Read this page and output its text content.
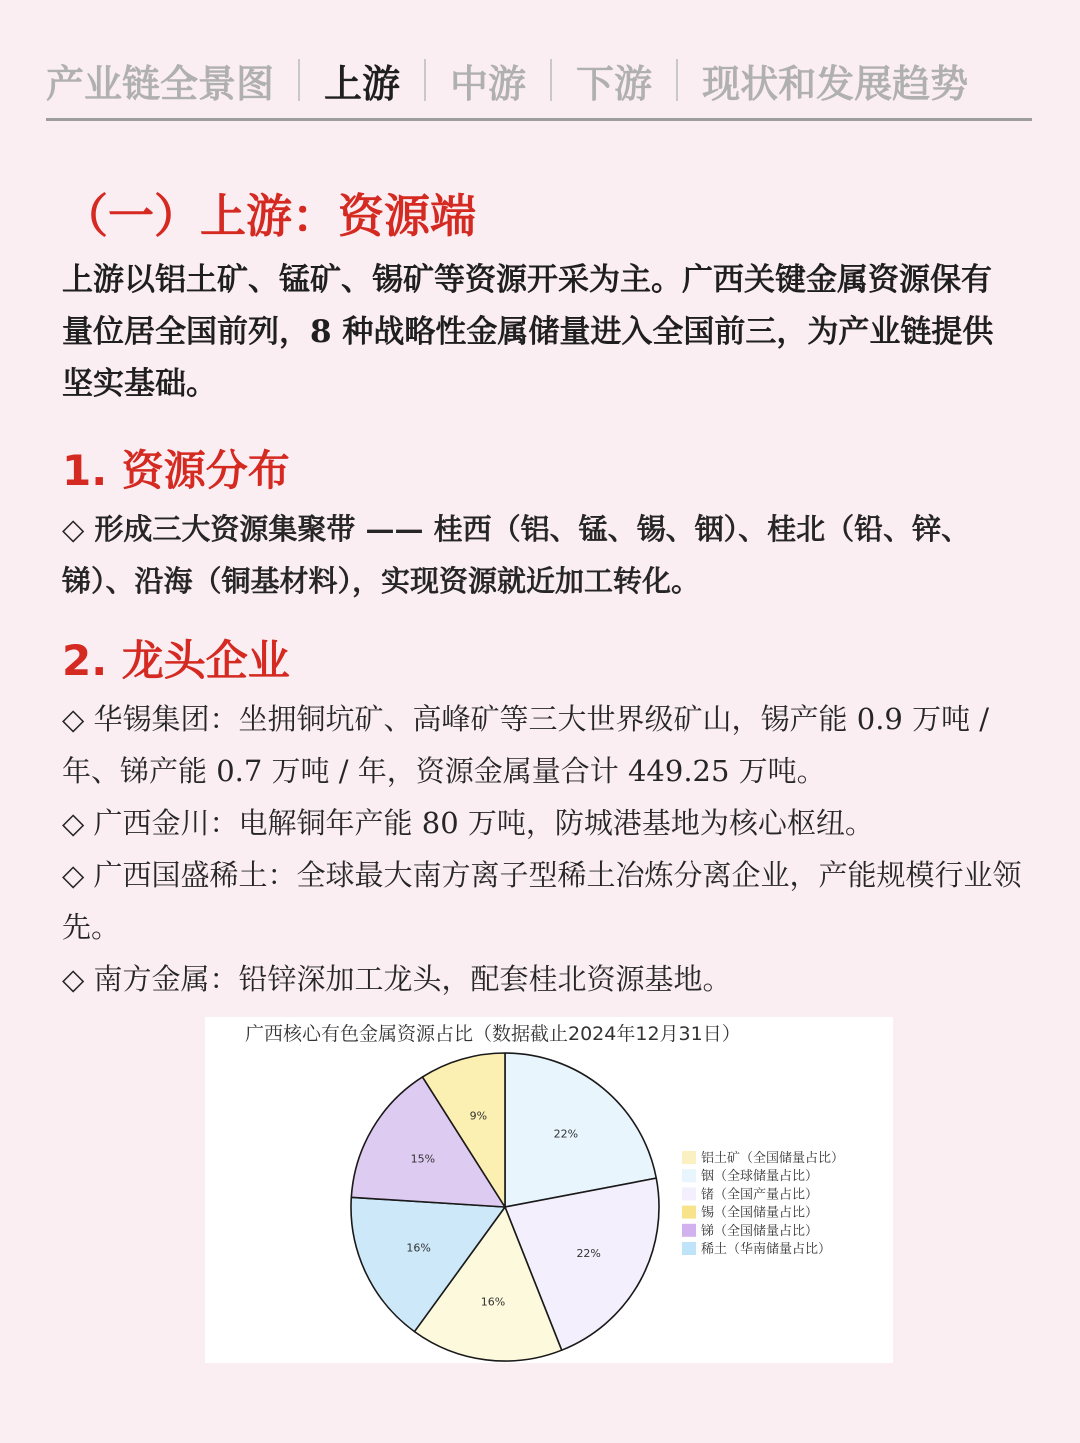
产业链全景图 上游 中游 下游 现状和发展趋势
（一）上游：资源端

上游以铝土矿、锰矿、锡矿等资源开采为主。广西关键金属资源保有量位居全国前列，8 种战略性金属储量进入全国前三，为产业链提供坚实基础。

1. 资源分布

◇ 形成三大资源集聚带 —— 桂西（铝、锰、锡、铟）、桂北（铅、锌、锑）、沿海（铜基材料），实现资源就近加工转化。

2. 龙头企业

◇ 华锡集团：坐拥铜坑矿、高峰矿等三大世界级矿山，锡产能 0.9 万吨 / 年、锑产能 0.7 万吨 / 年，资源金属量合计 449.25 万吨。

◇ 广西金川：电解铜年产能 80 万吨，防城港基地为核心枢纽。

◇ 广西国盛稀土：全球最大南方离子型稀土冶炼分离企业，产能规模行业领先。

◇ 南方金属：铅锌深加工龙头，配套桂北资源基地。

广西核心有色金属资源占比（数据截止2024年12月31日）
22%
22%
16%
16%
15%
9%
铝土矿（全国储量占比）
铟（全球储量占比）
锗（全国产量占比）
锡（全国储量占比）
锑（全国储量占比）
稀土（华南储量占比）
